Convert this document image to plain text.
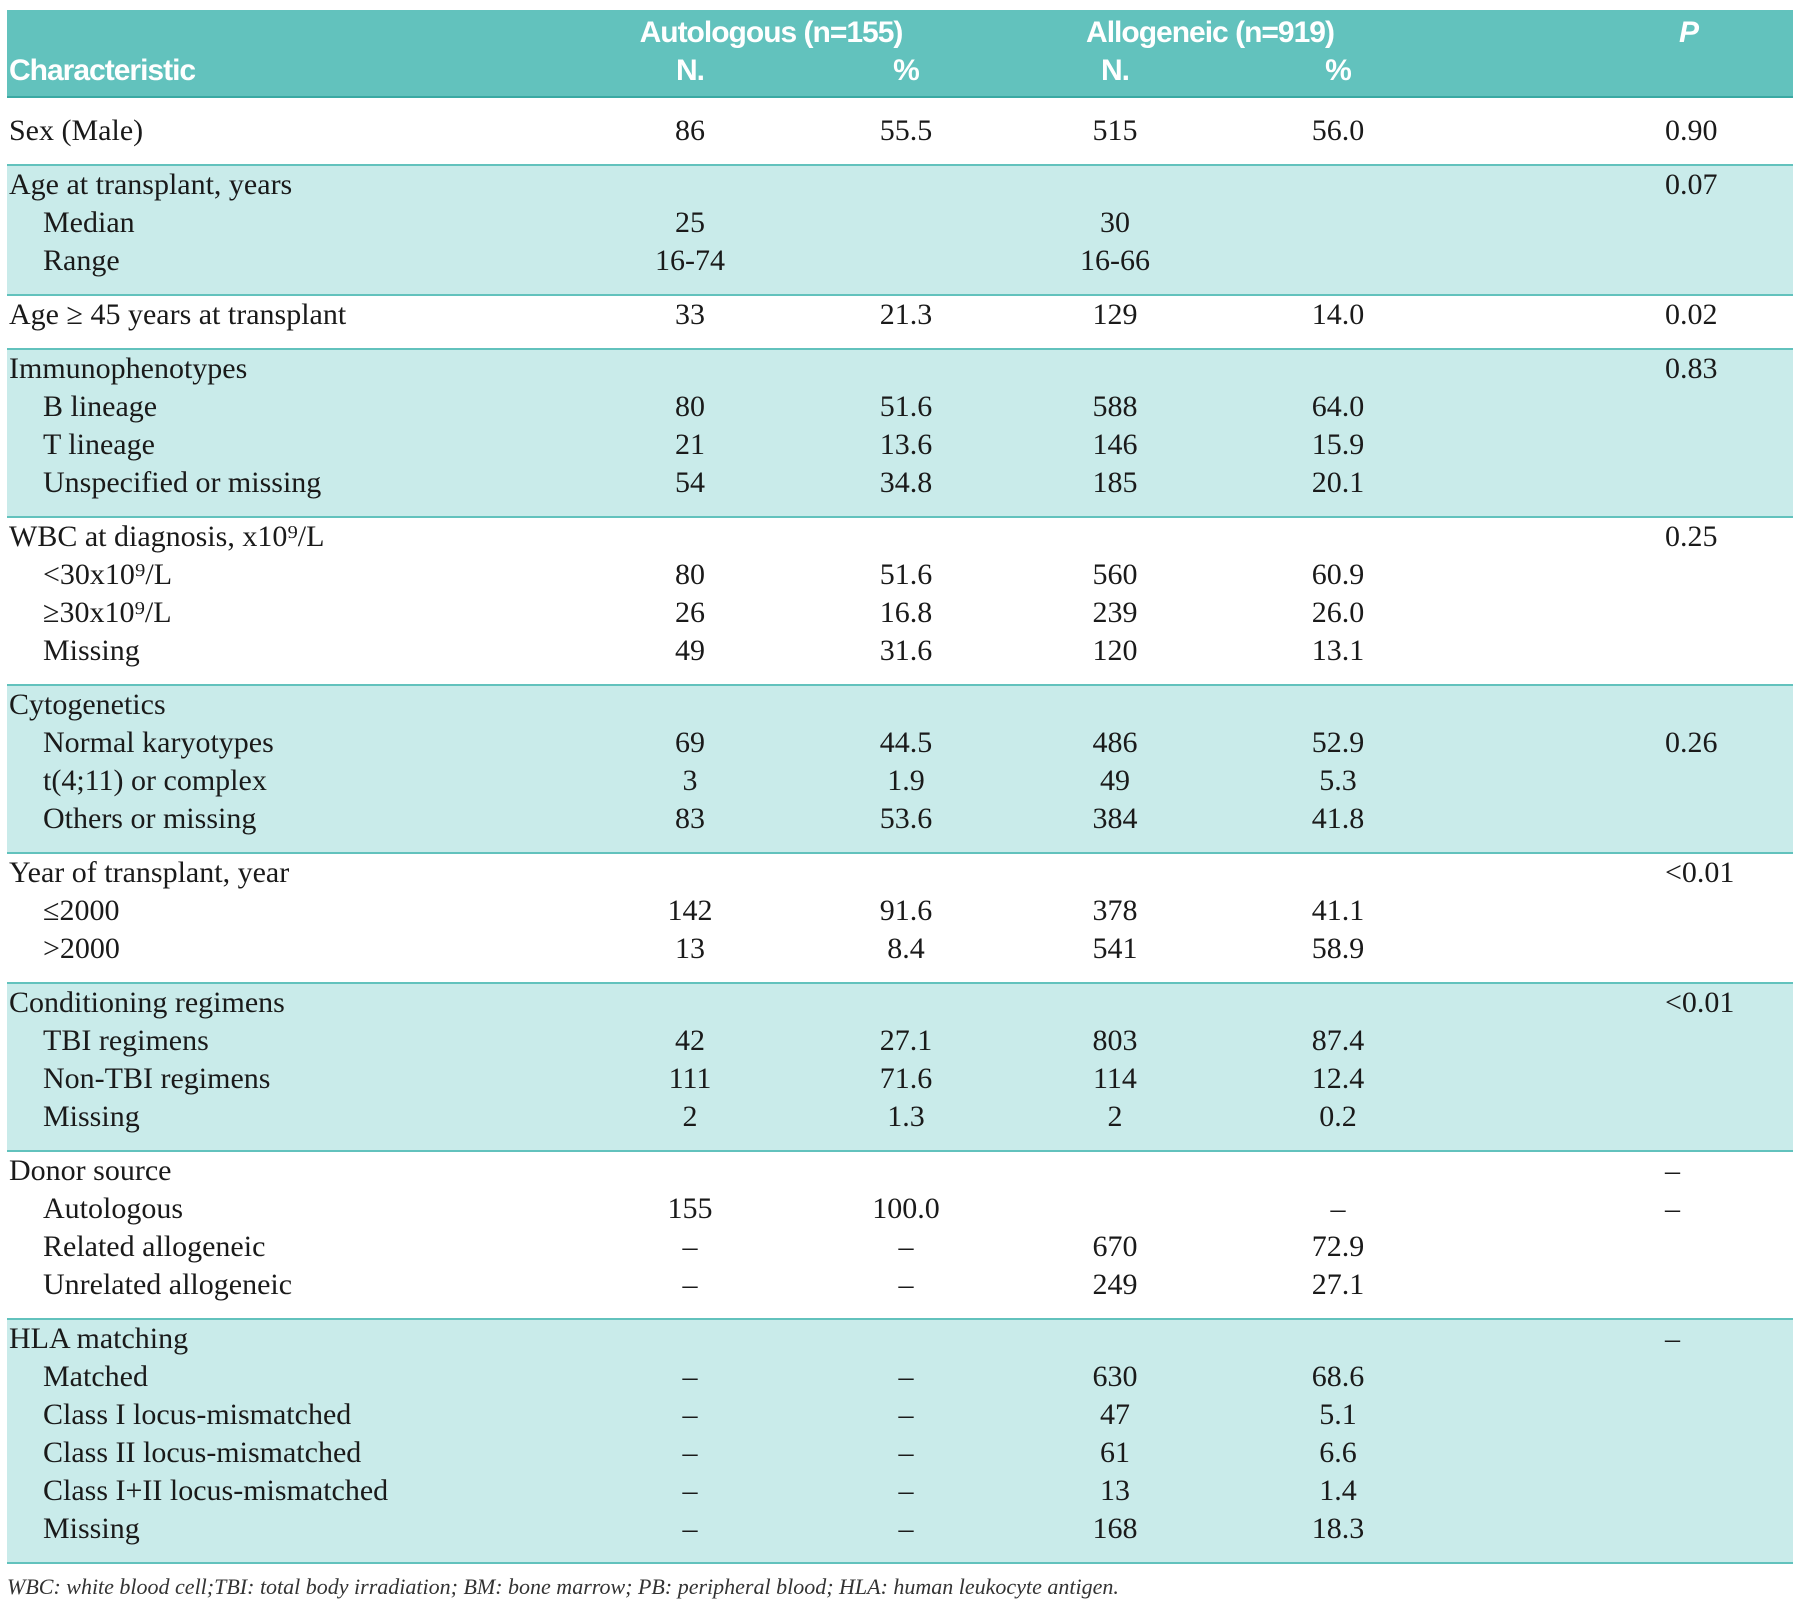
	Autologous (n=155)		Allogeneic (n=919)		P
Characteristic	N.	%	N.	%	

Sex (Male)	86	55.5	515	56.0	0.90

Age at transplant, years					0.07
Median	25		30		
Range	16-74		16-66		

Age ≥ 45 years at transplant	33	21.3	129	14.0	0.02

Immunophenotypes					0.83
B lineage	80	51.6	588	64.0	
T lineage	21	13.6	146	15.9	
Unspecified or missing	54	34.8	185	20.1	

WBC at diagnosis, x10⁹/L					0.25
<30x10⁹/L	80	51.6	560	60.9	
≥30x10⁹/L	26	16.8	239	26.0	
Missing	49	31.6	120	13.1	

Cytogenetics					
Normal karyotypes	69	44.5	486	52.9	0.26
t(4;11) or complex	3	1.9	49	5.3	
Others or missing	83	53.6	384	41.8	

Year of transplant, year					<0.01
≤2000	142	91.6	378	41.1	
>2000	13	8.4	541	58.9	

Conditioning regimens					<0.01
TBI regimens	42	27.1	803	87.4	
Non-TBI regimens	111	71.6	114	12.4	
Missing	2	1.3	2	0.2	

Donor source					–
Autologous	155	100.0		–	–
Related allogeneic	–	–	670	72.9	
Unrelated allogeneic	–	–	249	27.1	

HLA matching					–
Matched	–	–	630	68.6	
Class I locus-mismatched	–	–	47	5.1	
Class II locus-mismatched	–	–	61	6.6	
Class I+II locus-mismatched	–	–	13	1.4	
Missing	–	–	168	18.3	

WBC: white blood cell;TBI: total body irradiation; BM: bone marrow; PB: peripheral blood; HLA: human leukocyte antigen.
